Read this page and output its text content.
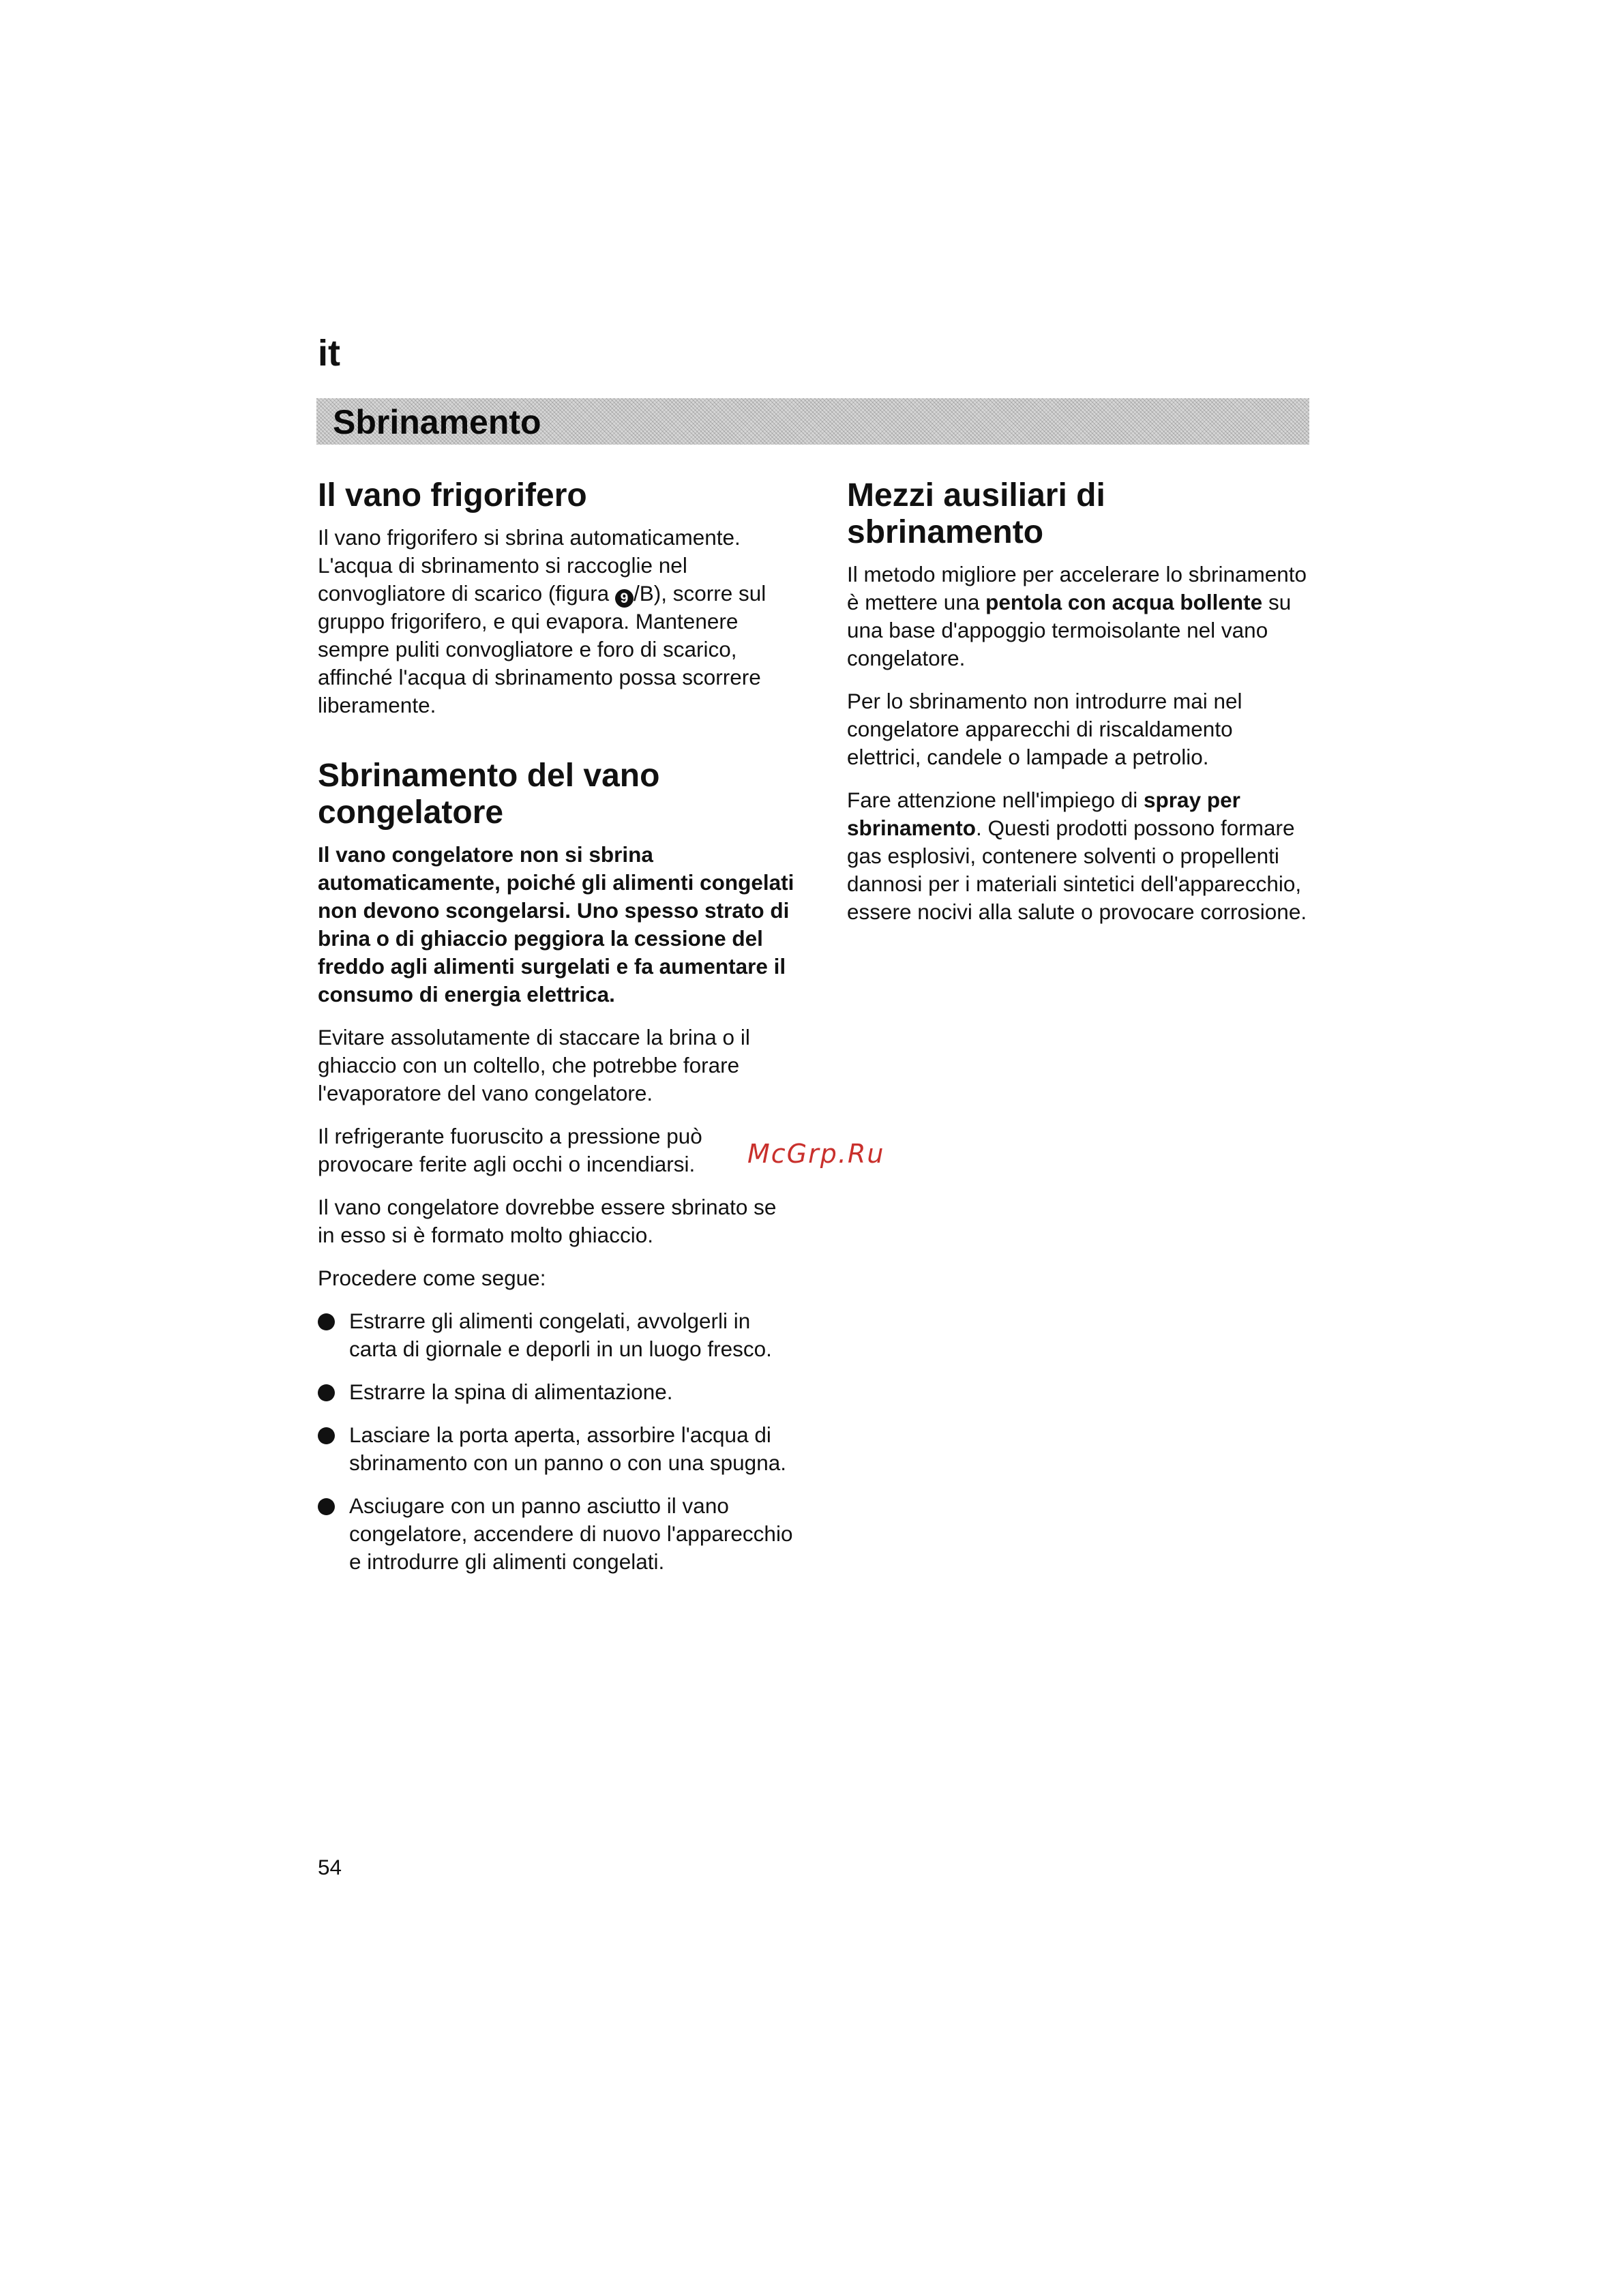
it
Sbrinamento
Il vano frigorifero

Il vano frigorifero si sbrina automaticamente. L'acqua di sbrinamento si raccoglie nel convogliatore di scarico (figura 9 /B), scorre sul gruppo frigorifero, e qui evapora. Mantenere sempre puliti convogliatore e foro di scarico, affinché l'acqua di sbrinamento possa scorrere liberamente.

Sbrinamento del vano congelatore

Il vano congelatore non si sbrina automaticamente, poiché gli alimenti congelati non devono scongelarsi. Uno spesso strato di brina o di ghiaccio peggiora la cessione del freddo agli alimenti surgelati e fa aumentare il consumo di energia elettrica.

Evitare assolutamente di staccare la brina o il ghiaccio con un coltello, che potrebbe forare l'evaporatore del vano congelatore.

Il refrigerante fuoruscito a pressione può provocare ferite agli occhi o incendiarsi.

Il vano congelatore dovrebbe essere sbrinato se in esso si è formato molto ghiaccio.

Procedere come segue:

Estrarre gli alimenti congelati, avvolgerli in carta di giornale e deporli in un luogo fresco.
Estrarre la spina di alimentazione.
Lasciare la porta aperta, assorbire l'acqua di sbrinamento con un panno o con una spugna.
Asciugare con un panno asciutto il vano congelatore, accendere di nuovo l'apparecchio e introdurre gli alimenti congelati.
Mezzi ausiliari di sbrinamento

Il metodo migliore per accelerare lo sbrinamento è mettere una pentola con acqua bollente su una base d'appoggio termoisolante nel vano congelatore.

Per lo sbrinamento non introdurre mai nel congelatore apparecchi di riscaldamento elettrici, candele o lampade a petrolio.

Fare attenzione nell'impiego di spray per sbrinamento. Questi prodotti possono formare gas esplosivi, contenere solventi o propellenti dannosi per i materiali sintetici dell'apparecchio, essere nocivi alla salute o provocare corrosione.

McGrp.Ru
54
